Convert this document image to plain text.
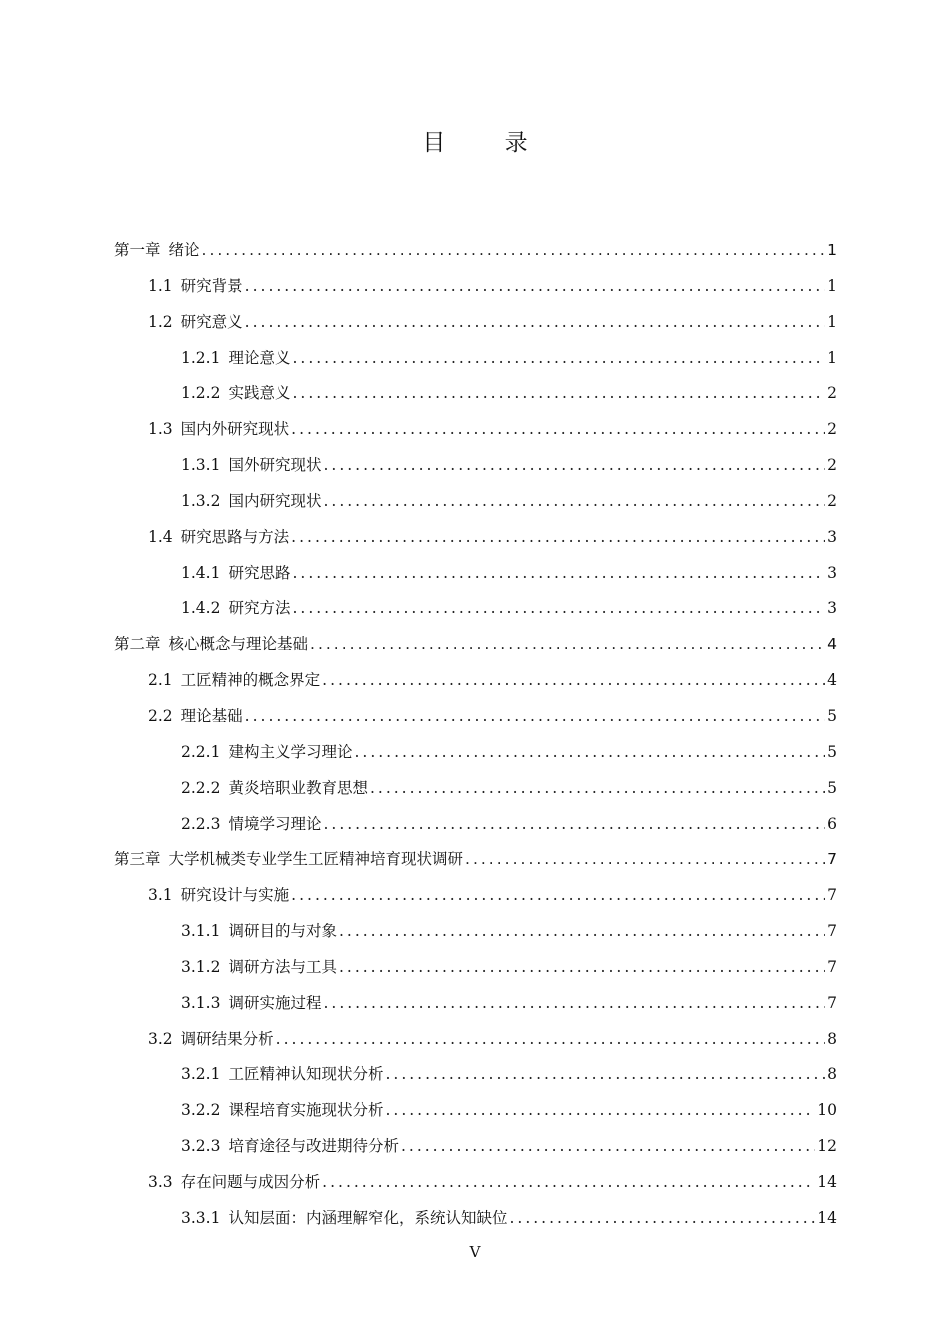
目 录
第一章 绪论 .....	1
1.1 研究背景 .....	1
1.2 研究意义 .....	1
1.2.1 理论意义 .....	1
1.2.2 实践意义 .....	2
1.3 国内外研究现状 .....	2
1.3.1 国外研究现状 .....	2
1.3.2 国内研究现状 .....	2
1.4 研究思路与方法 .....	3
1.4.1 研究思路 .....	3
1.4.2 研究方法 .....	3
第二章 核心概念与理论基础 .....	4
2.1 工匠精神的概念界定 .....	4
2.2 理论基础 .....	5
2.2.1 建构主义学习理论 .....	5
2.2.2 黄炎培职业教育思想 .....	5
2.2.3 情境学习理论 .....	6
第三章 大学机械类专业学生工匠精神培育现状调研 .....	7
3.1 研究设计与实施 .....	7
3.1.1 调研目的与对象 .....	7
3.1.2 调研方法与工具 .....	7
3.1.3 调研实施过程 .....	7
3.2 调研结果分析 .....	8
3.2.1 工匠精神认知现状分析 .....	8
3.2.2 课程培育实施现状分析 .....	10
3.2.3 培育途径与改进期待分析 .....	12
3.3 存在问题与成因分析 .....	14
3.3.1 认知层面：内涵理解窄化，系统认知缺位 .....	14
V
